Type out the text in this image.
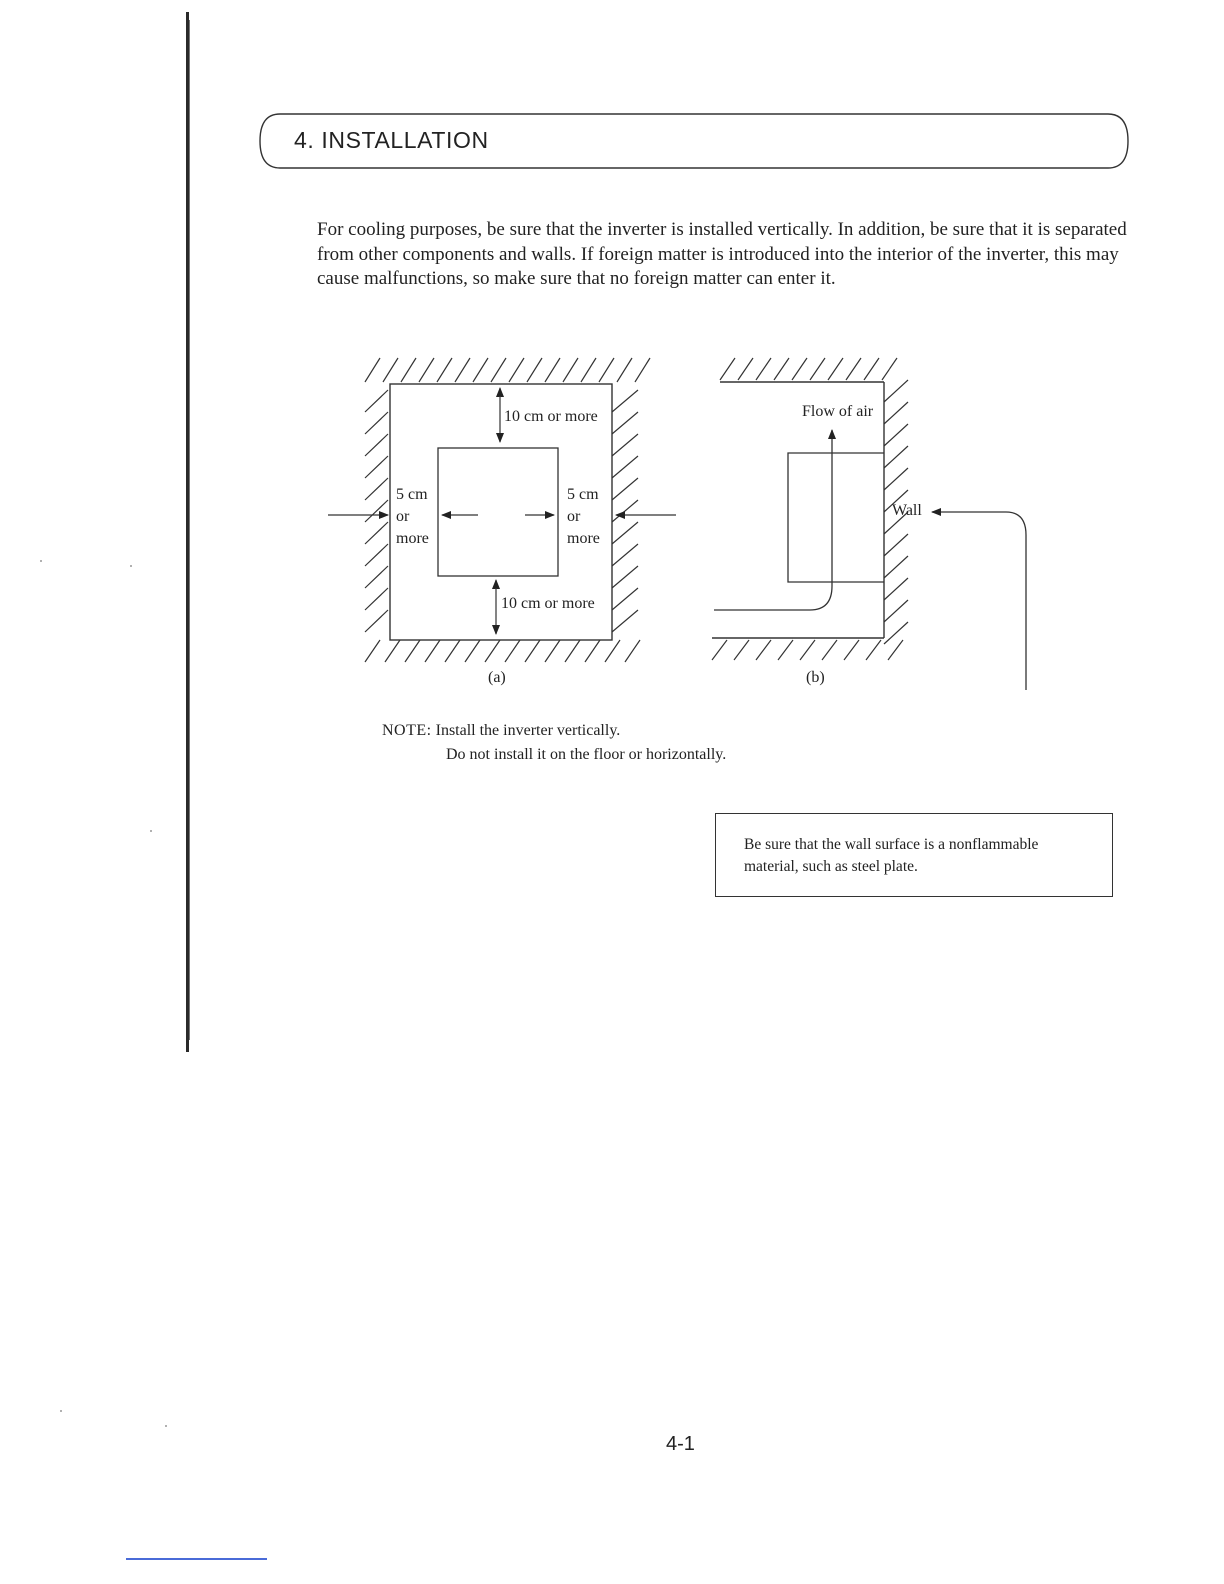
4. INSTALLATION
For cooling purposes, be sure that the inverter is installed vertically. In addition, be sure that it is separated from other components and walls. If foreign matter is introduced into the interior of the inverter, this may cause malfunctions, so make sure that no foreign matter can enter it.
10 cm or more
10 cm or more
5 cm
or
more
5 cm
or
more
(a)
Flow of air
Wall
(b)
NOTE: Install the inverter vertically.
Do not install it on the floor or horizontally.
Be sure that the wall surface is a nonflammable material, such as steel plate.
4-1
